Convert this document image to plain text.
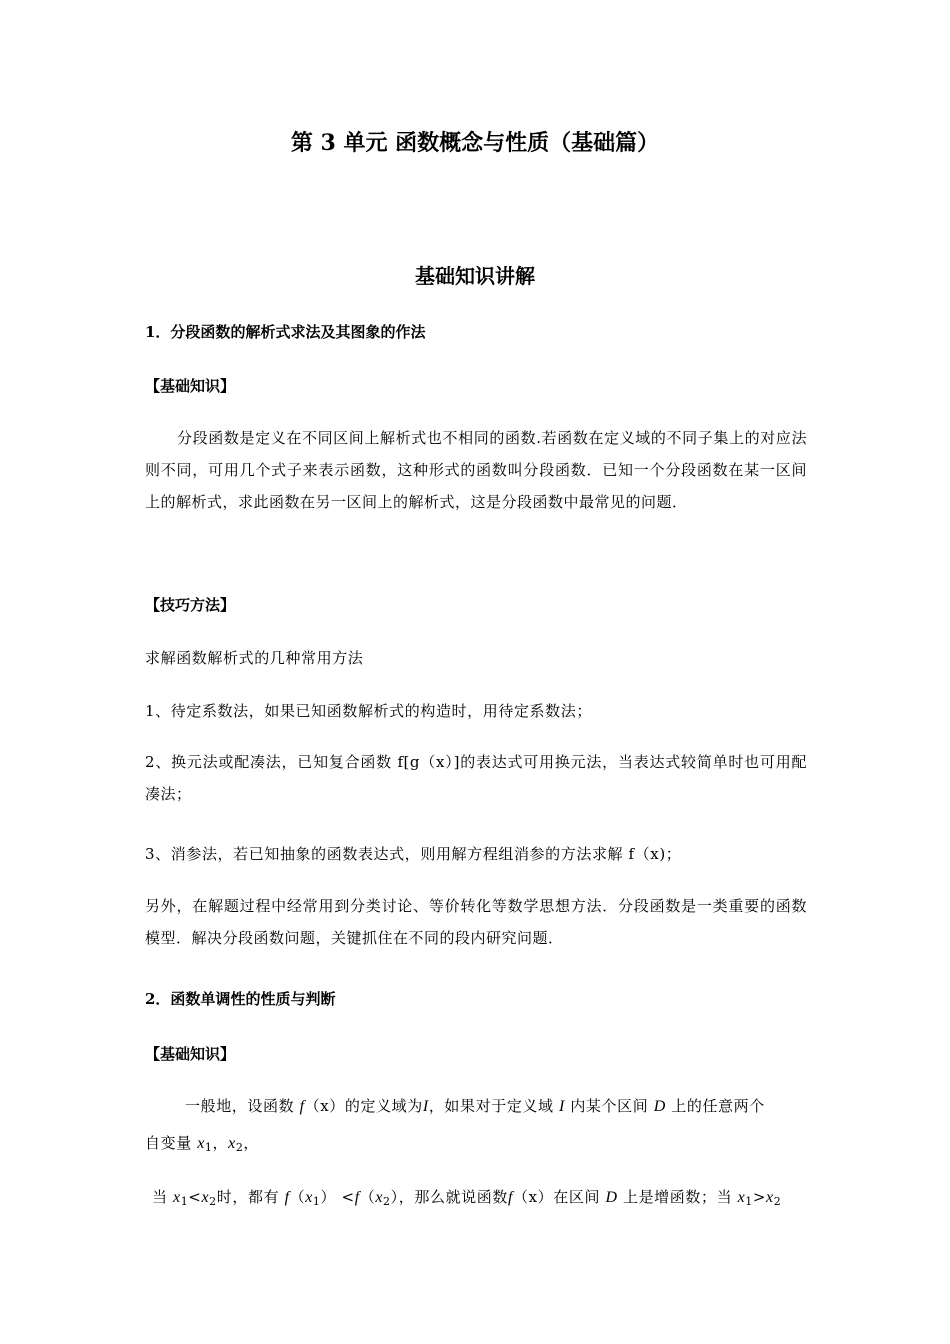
第 3 单元 函数概念与性质（基础篇）
基础知识讲解
1．分段函数的解析式求法及其图象的作法
【基础知识】
分段函数是定义在不同区间上解析式也不相同的函数.若函数在定义域的不同子集上的对应法则不同，可用几个式子来表示函数，这种形式的函数叫分段函数．已知一个分段函数在某一区间上的解析式，求此函数在另一区间上的解析式，这是分段函数中最常见的问题．
【技巧方法】
求解函数解析式的几种常用方法
1、待定系数法，如果已知函数解析式的构造时，用待定系数法；
2、换元法或配凑法，已知复合函数 f[g（x）]的表达式可用换元法，当表达式较简单时也可用配凑法；
3、消参法，若已知抽象的函数表达式，则用解方程组消参的方法求解 f（x)；
另外，在解题过程中经常用到分类讨论、等价转化等数学思想方法．分段函数是一类重要的函数模型．解决分段函数问题，关键抓住在不同的段内研究问题．
2．函数单调性的性质与判断
【基础知识】
一般地，设函数 f（x）的定义域为I，如果对于定义域 I 内某个区间 D 上的任意两个
自变量 $x_1$，$x_2$，
当 $x_1<x_2$时，都有 $f(x_1) <f(x_2)$，那么就说函数f（x）在区间 D 上是增函数；当 $x_1>x_2$
